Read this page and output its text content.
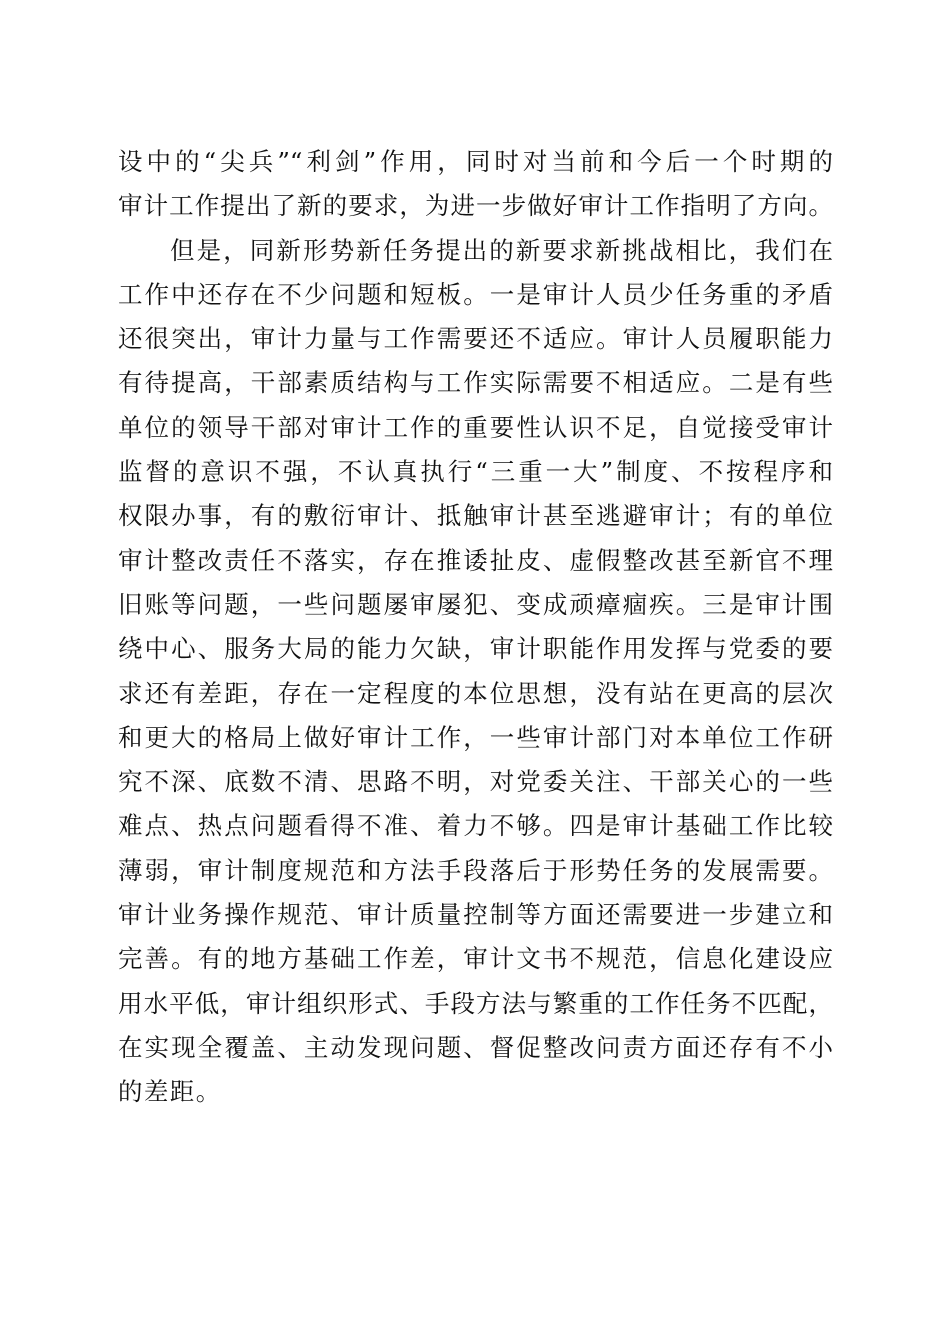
设中的“尖兵”“利剑”作用，同时对当前和今后一个时期的
审计工作提出了新的要求，为进一步做好审计工作指明了方向。
但是，同新形势新任务提出的新要求新挑战相比，我们在
工作中还存在不少问题和短板。一是审计人员少任务重的矛盾
还很突出，审计力量与工作需要还不适应。审计人员履职能力
有待提高，干部素质结构与工作实际需要不相适应。二是有些
单位的领导干部对审计工作的重要性认识不足，自觉接受审计
监督的意识不强，不认真执行“三重一大”制度、不按程序和
权限办事，有的敷衍审计、抵触审计甚至逃避审计；有的单位
审计整改责任不落实，存在推诿扯皮、虚假整改甚至新官不理
旧账等问题，一些问题屡审屡犯、变成顽瘴痼疾。三是审计围
绕中心、服务大局的能力欠缺，审计职能作用发挥与党委的要
求还有差距，存在一定程度的本位思想，没有站在更高的层次
和更大的格局上做好审计工作，一些审计部门对本单位工作研
究不深、底数不清、思路不明，对党委关注、干部关心的一些
难点、热点问题看得不准、着力不够。四是审计基础工作比较
薄弱，审计制度规范和方法手段落后于形势任务的发展需要。
审计业务操作规范、审计质量控制等方面还需要进一步建立和
完善。有的地方基础工作差，审计文书不规范，信息化建设应
用水平低，审计组织形式、手段方法与繁重的工作任务不匹配，
在实现全覆盖、主动发现问题、督促整改问责方面还存有不小
的差距。
